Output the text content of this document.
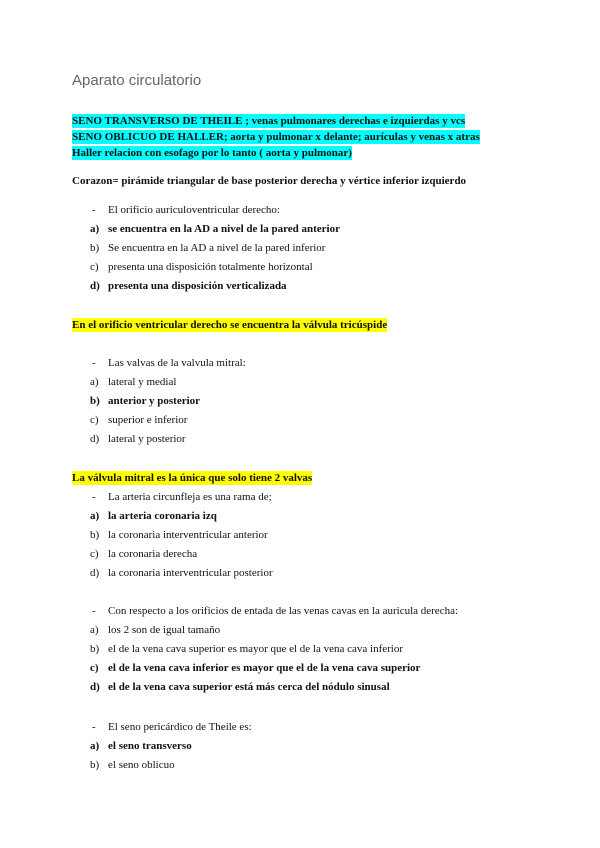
Aparato circulatorio
SENO TRANSVERSO DE THEILE ; venas pulmonares derechas e izquierdas y vcs
SENO OBLICUO DE HALLER; aorta y pulmonar x delante; aurículas y venas x atras
Haller relacion con esofago por lo tanto ( aorta y pulmonar)
Corazon= pirámide triangular de base posterior derecha y vértice inferior izquierdo
- El orificio auriculoventricular derecho:
a) se encuentra en la AD a nivel de la pared anterior
b) Se encuentra en la AD a nivel de la pared inferior
c) presenta una disposición totalmente horizontal
d) presenta una disposición verticalizada
En el orificio ventricular derecho se encuentra la válvula tricúspide
- Las valvas de la valvula mitral:
a) lateral y medial
b) anterior y posterior
c) superior e inferior
d) lateral y posterior
La válvula mitral es la única que solo tiene 2 valvas
- La arteria circunfleja es una rama de;
a) la arteria coronaria izq
b) la coronaria interventricular anterior
c) la coronaria derecha
d) la coronaria interventricular posterior
- Con respecto a los orificios de entada de las venas cavas en la auricula derecha:
a) los 2 son de igual tamaño
b) el de la vena cava superior es mayor que el de la vena cava inferior
c) el de la vena cava inferior es mayor que el de la vena cava superior
d) el de la vena cava superior está más cerca del nódulo sinusal
- El seno pericárdico de Theile es:
a) el seno transverso
b) el seno oblicuo
